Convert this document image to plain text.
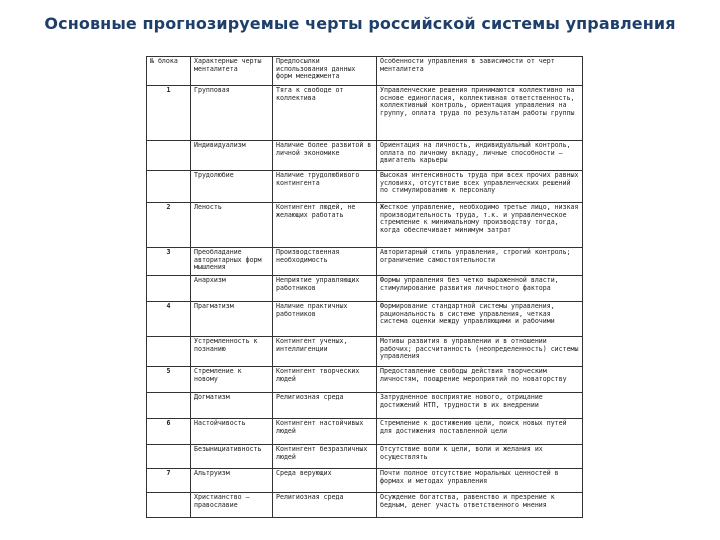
Основные прогнозируемые черты российской системы управления
№ блока	Характерные черты менталитета	Предпосылки использования данных форм менеджмента	Особенности управления в зависимости от черт менталитета
1	Групповая	Тяга к свободе от коллектива	Управленческие решения принимаются коллективно на основе единогласия, коллективная ответственность, коллективный контроль, ориентация управления на группу, оплата труда по результатам работы группы
	Индивидуализм	Наличие более развитой в личной экономике	Ориентация на личность, индивидуальный контроль, оплата по личному вкладу, личные способности — двигатель карьеры
	Трудолюбие	Наличие трудолюбивого контингента	Высокая интенсивность труда при всех прочих равных условиях, отсутствие всех управленческих решений по стимулированию к персоналу
2	Леность	Контингент людей, не желающих работать	Жесткое управление, необходимо третье лицо, низкая производительность труда, т.к. и управленческое стремление к минимальному производству тогда, когда обеспечивает минимум затрат
3	Преобладание авторитарных форм мышления	Производственная необходимость	Авторитарный стиль управления, строгий контроль; ограничение самостоятельности
	Анархизм	Неприятие управляющих работников	Формы управления без четко выраженной власти, стимулирование развития личностного фактора
4	Прагматизм	Наличие практичных работников	Формирование стандартной системы управления, рациональность в системе управления, четкая система оценки между управляющими и рабочими
	Устремленность к познанию	Контингент ученых, интеллигенции	Мотивы развития в управлении и в отношении рабочих; рассчитанность (неопределенность) системы управления
5	Стремление к новому	Контингент творческих людей	Предоставление свободы действия творческим личностям, поощрение мероприятий по новаторству
	Догматизм	Религиозная среда	Затрудненное восприятие нового, отрицание достижений НТП, трудности в их внедрении
6	Настойчивость	Контингент настойчивых людей	Стремление к достижению цели, поиск новых путей для достижения поставленной цели
	Безынициативность	Контингент безразличных людей	Отсутствие воли к цели, воли и желания их осуществлять
7	Альтруизм	Среда верующих	Почти полное отсутствие моральных ценностей в формах и методах управления
	Христианство — православие	Религиозная среда	Осуждение богатства, равенство и презрение к бедным, денег участь ответственного мнения
